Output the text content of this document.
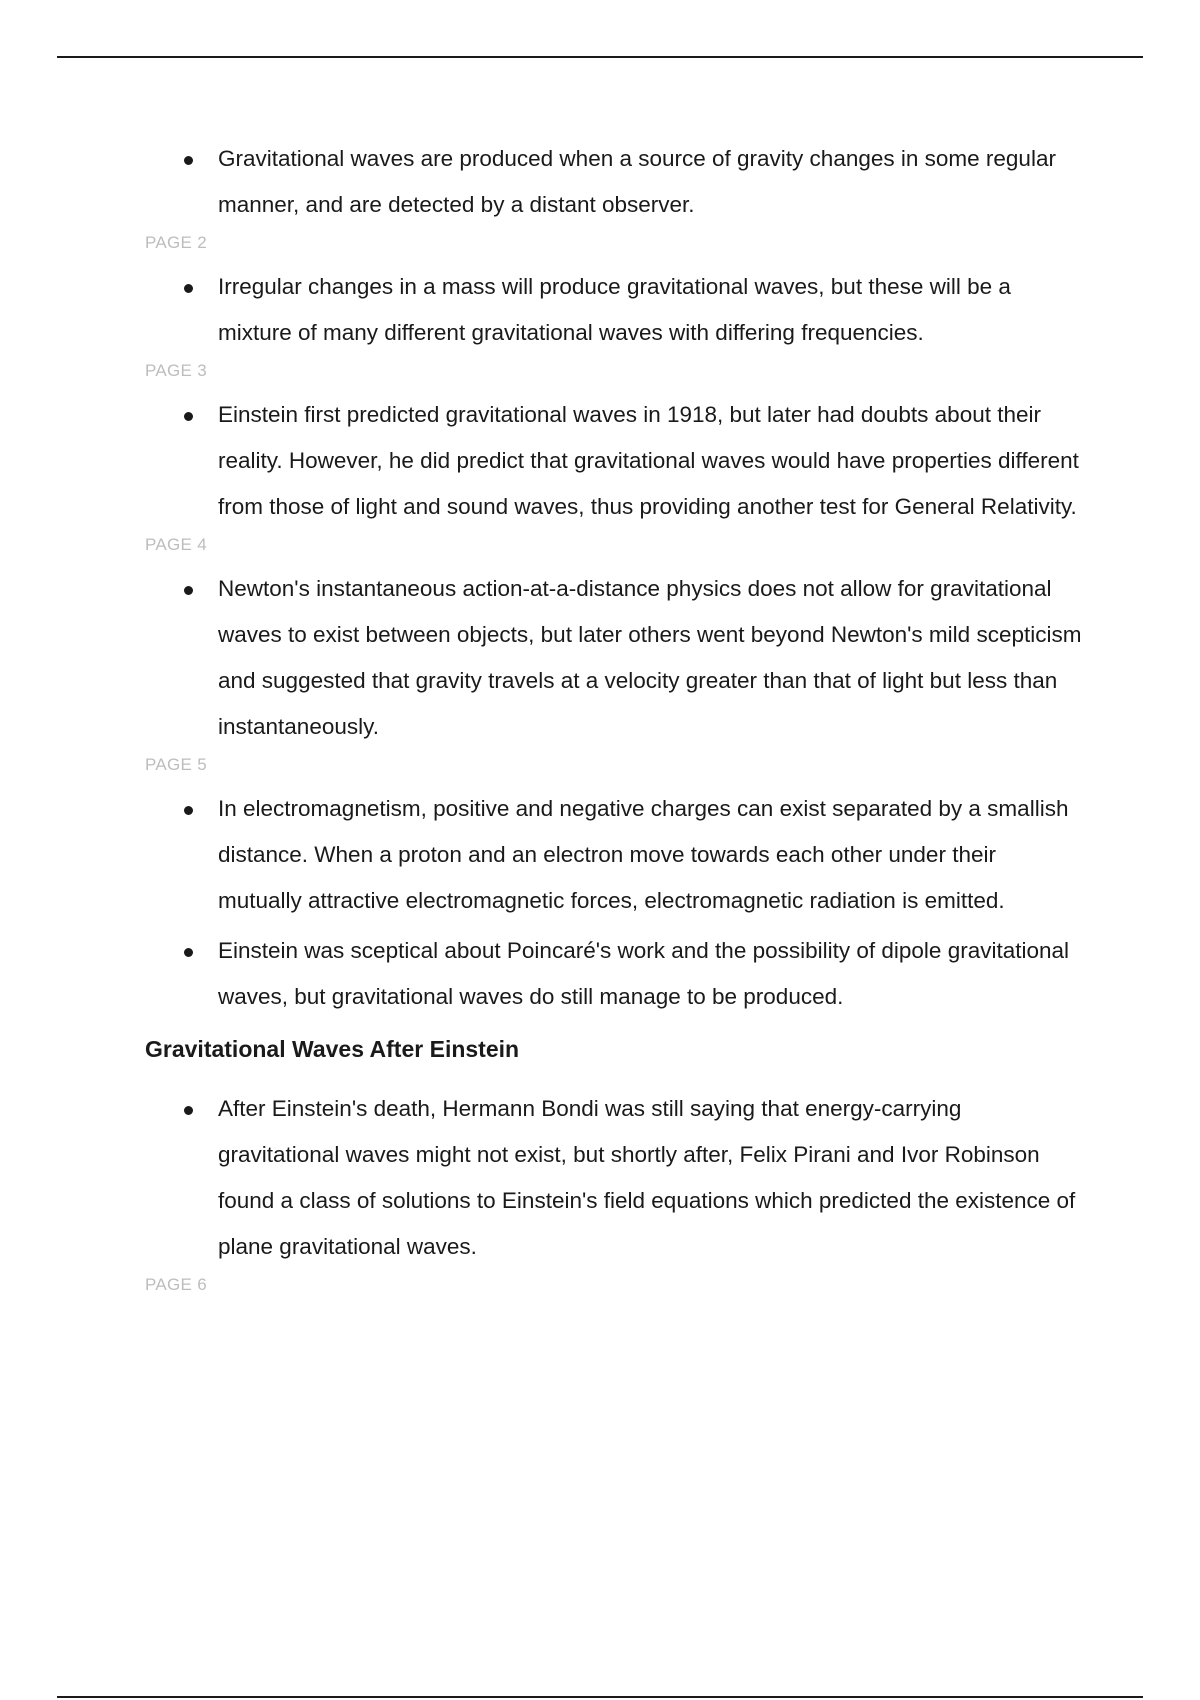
Gravitational waves are produced when a source of gravity changes in some regular manner, and are detected by a distant observer.
PAGE 2
Irregular changes in a mass will produce gravitational waves, but these will be a mixture of many different gravitational waves with differing frequencies.
PAGE 3
Einstein first predicted gravitational waves in 1918, but later had doubts about their reality. However, he did predict that gravitational waves would have properties different from those of light and sound waves, thus providing another test for General Relativity.
PAGE 4
Newton's instantaneous action-at-a-distance physics does not allow for gravitational waves to exist between objects, but later others went beyond Newton's mild scepticism and suggested that gravity travels at a velocity greater than that of light but less than instantaneously.
PAGE 5
In electromagnetism, positive and negative charges can exist separated by a smallish distance. When a proton and an electron move towards each other under their mutually attractive electromagnetic forces, electromagnetic radiation is emitted.
Einstein was sceptical about Poincaré's work and the possibility of dipole gravitational waves, but gravitational waves do still manage to be produced.
Gravitational Waves After Einstein
After Einstein's death, Hermann Bondi was still saying that energy-carrying gravitational waves might not exist, but shortly after, Felix Pirani and Ivor Robinson found a class of solutions to Einstein's field equations which predicted the existence of plane gravitational waves.
PAGE 6
